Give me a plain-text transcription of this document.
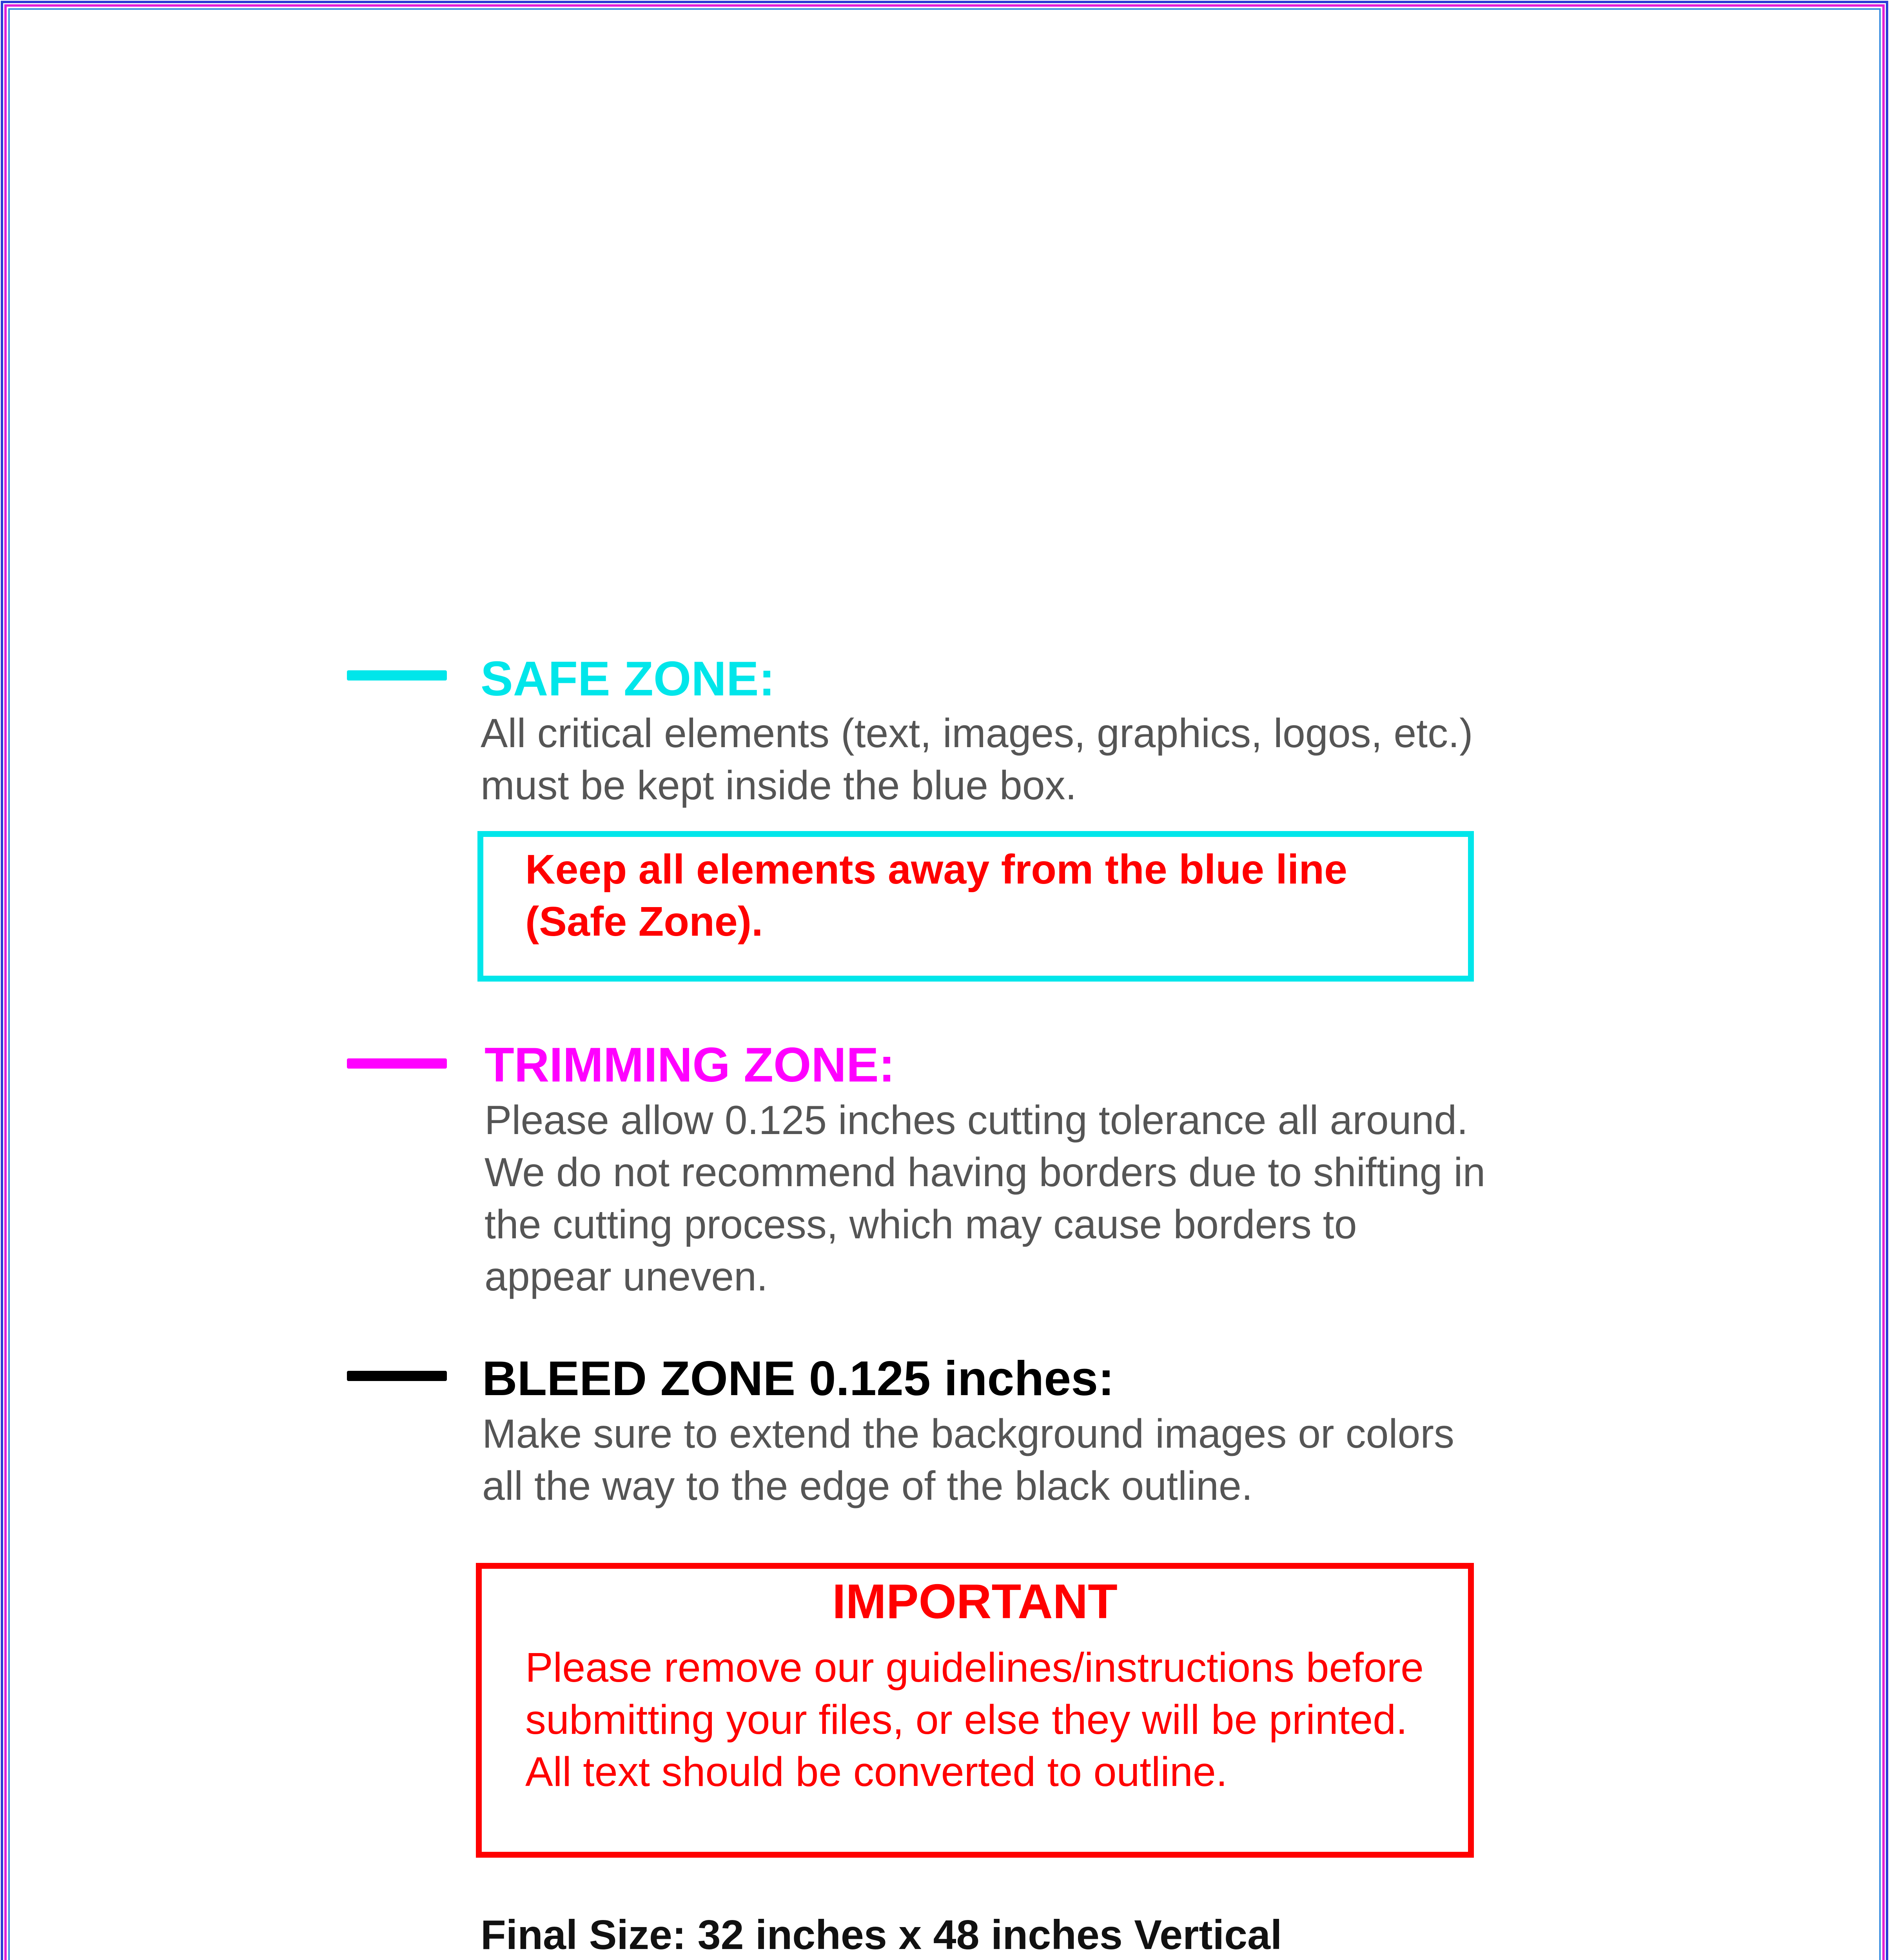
SAFE ZONE:
All critical elements (text, images, graphics, logos, etc.)
must be kept inside the blue box.
Keep all elements away from the blue line
(Safe Zone).
TRIMMING ZONE:
Please allow 0.125 inches cutting tolerance all around.
We do not recommend having borders due to shifting in
the cutting process, which may cause borders to
appear uneven.
BLEED ZONE 0.125 inches:
Make sure to extend the background images or colors
all the way to the edge of the black outline.
IMPORTANT
Please remove our guidelines/instructions before
submitting your files, or else they will be printed.
All text should be converted to outline.
Final Size: 32 inches x 48 inches Vertical
